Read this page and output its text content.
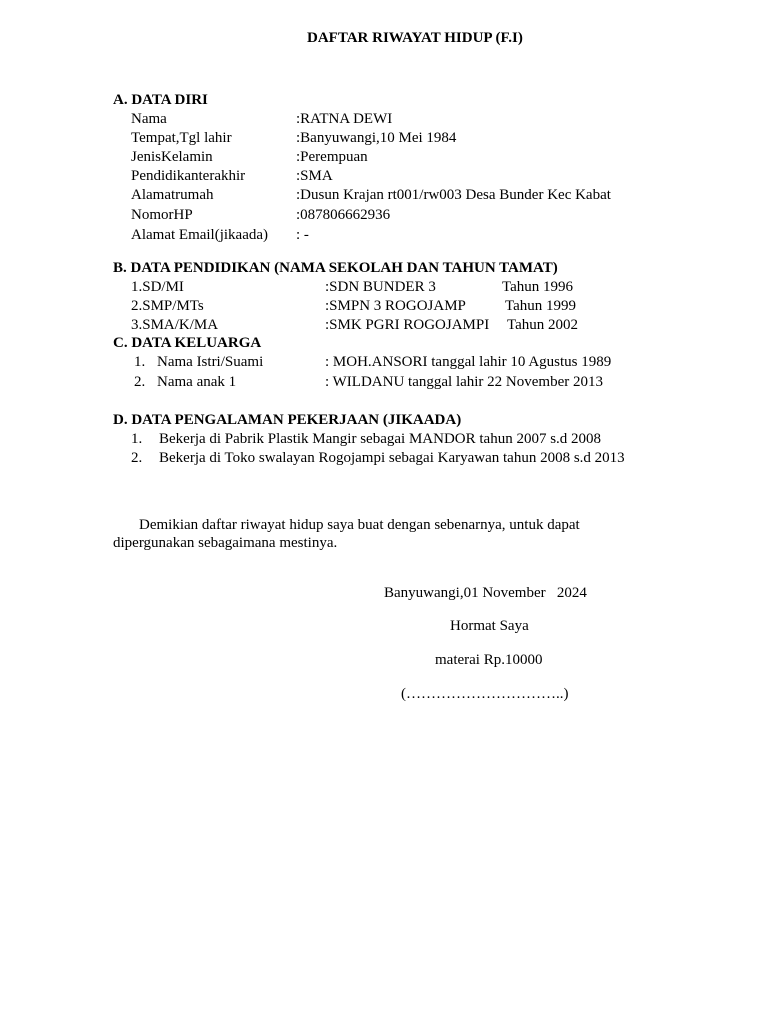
DAFTAR RIWAYAT HIDUP (F.I)
A. DATA DIRI
Nama	:RATNA DEWI
Tempat,Tgl lahir	:Banyuwangi,10 Mei 1984
JenisKelamin	:Perempuan
Pendidikanterakhir	:SMA
Alamatrumah	:Dusun Krajan rt001/rw003 Desa Bunder Kec Kabat
NomorHP	:087806662936
Alamat Email(jikaada) : -
B. DATA PENDIDIKAN (NAMA SEKOLAH DAN TAHUN TAMAT)
1.SD/MI	:SDN BUNDER 3	Tahun 1996
2.SMP/MTs	:SMPN 3 ROGOJAMP	Tahun 1999
3.SMA/K/MA	:SMK PGRI ROGOJAMPI Tahun 2002
C. DATA KELUARGA
1. Nama Istri/Suami	: MOH.ANSORI tanggal lahir 10 Agustus 1989
2. Nama anak 1	: WILDANU tanggal lahir 22 November 2013
D. DATA PENGALAMAN PEKERJAAN (JIKAADA)
1. Bekerja di Pabrik Plastik Mangir sebagai MANDOR tahun 2007 s.d 2008
2. Bekerja di Toko swalayan Rogojampi sebagai Karyawan tahun 2008 s.d 2013
Demikian daftar riwayat hidup saya buat dengan sebenarnya, untuk dapat
dipergunakan sebagaimana mestinya.
Banyuwangi,01 November   2024
Hormat Saya
materai Rp.10000
(…………………………..)
